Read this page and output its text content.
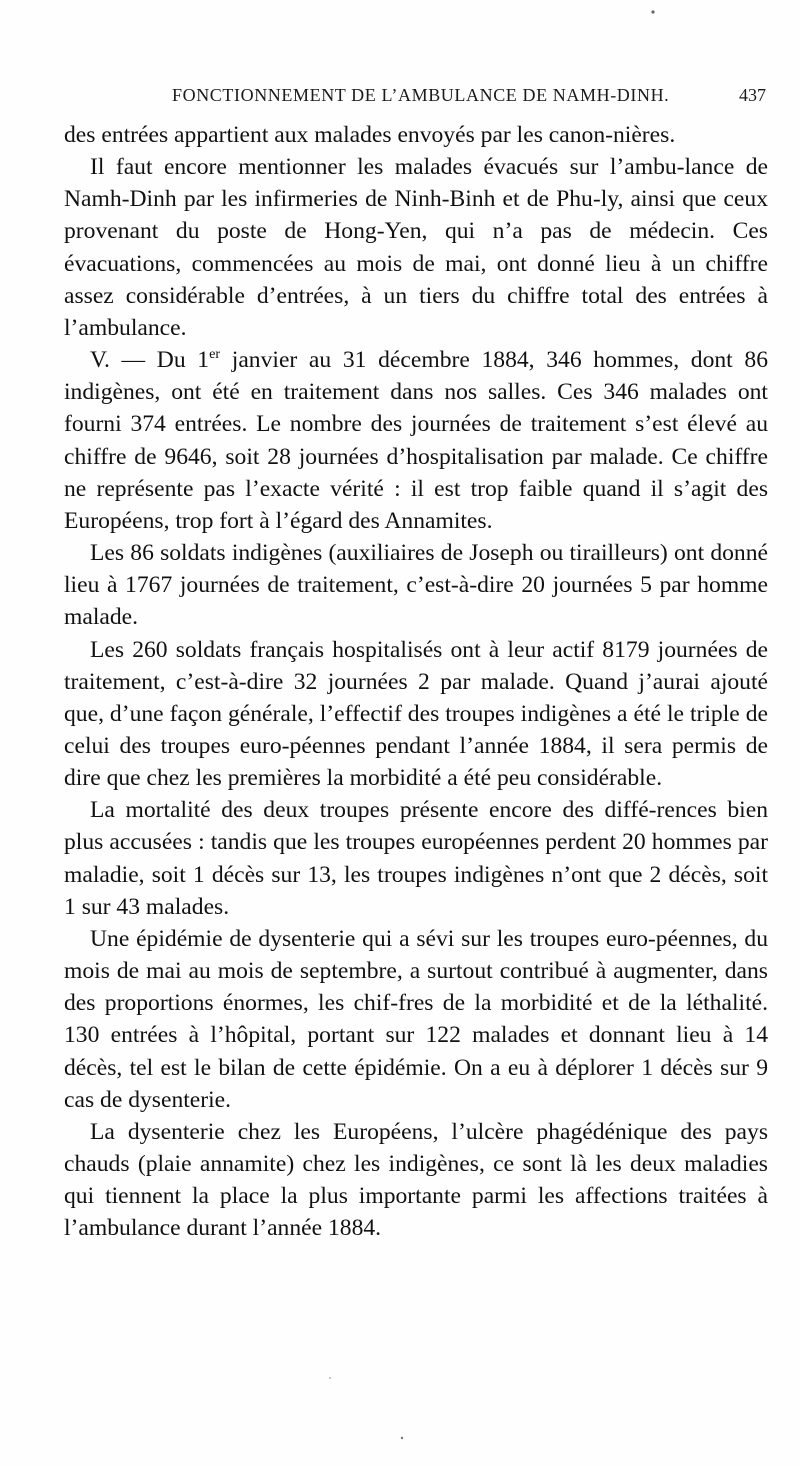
FONCTIONNEMENT DE L’AMBULANCE DE NAMH-DINH.	437

des entrées appartient aux malades envoyés par les canon-nières.

Il faut encore mentionner les malades évacués sur l’ambu-lance de Namh-Dinh par les infirmeries de Ninh-Binh et de Phu-ly, ainsi que ceux provenant du poste de Hong-Yen, qui n’a pas de médecin. Ces évacuations, commencées au mois de mai, ont donné lieu à un chiffre assez considérable d’entrées, à un tiers du chiffre total des entrées à l’ambulance.

V. — Du 1er janvier au 31 décembre 1884, 346 hommes, dont 86 indigènes, ont été en traitement dans nos salles. Ces 346 malades ont fourni 374 entrées. Le nombre des journées de traitement s’est élevé au chiffre de 9646, soit 28 journées d’hospitalisation par malade. Ce chiffre ne représente pas l’exacte vérité : il est trop faible quand il s’agit des Européens, trop fort à l’égard des Annamites.

Les 86 soldats indigènes (auxiliaires de Joseph ou tirailleurs) ont donné lieu à 1767 journées de traitement, c’est-à-dire 20 journées 5 par homme malade.

Les 260 soldats français hospitalisés ont à leur actif 8179 journées de traitement, c’est-à-dire 32 journées 2 par malade. Quand j’aurai ajouté que, d’une façon générale, l’effectif des troupes indigènes a été le triple de celui des troupes euro-péennes pendant l’année 1884, il sera permis de dire que chez les premières la morbidité a été peu considérable.

La mortalité des deux troupes présente encore des diffé-rences bien plus accusées : tandis que les troupes européennes perdent 20 hommes par maladie, soit 1 décès sur 13, les troupes indigènes n’ont que 2 décès, soit 1 sur 43 malades.

Une épidémie de dysenterie qui a sévi sur les troupes euro-péennes, du mois de mai au mois de septembre, a surtout contribué à augmenter, dans des proportions énormes, les chif-fres de la morbidité et de la léthalité. 130 entrées à l’hôpital, portant sur 122 malades et donnant lieu à 14 décès, tel est le bilan de cette épidémie. On a eu à déplorer 1 décès sur 9 cas de dysenterie.

La dysenterie chez les Européens, l’ulcère phagédénique des pays chauds (plaie annamite) chez les indigènes, ce sont là les deux maladies qui tiennent la place la plus importante parmi les affections traitées à l’ambulance durant l’année 1884.
